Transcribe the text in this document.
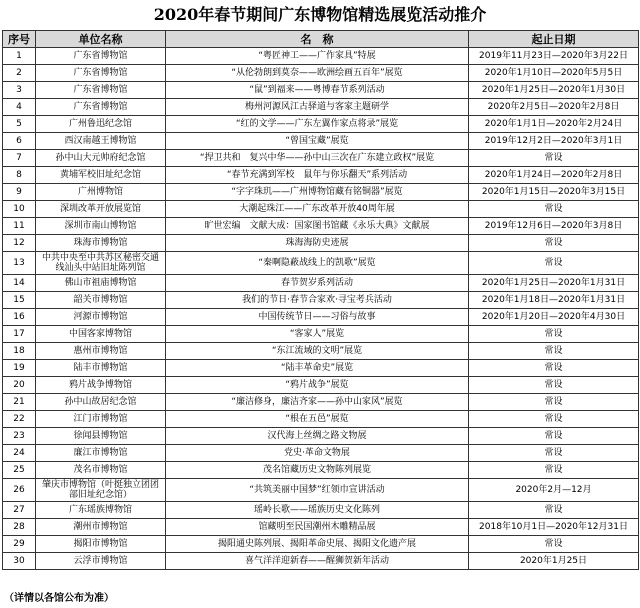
2020年春节期间广东博物馆精选展览活动推介
序号	单位名称	名　称	起止日期
1	广东省博物馆	“粤匠神工——广作家具”特展	2019年11月23日—2020年3月22日
2	广东省博物馆	“从伦勃朗到莫奈——欧洲绘画五百年”展览	2020年1月10日—2020年5月5日
3	广东省博物馆	“鼠”到福来——粤博春节系列活动	2020年1月25日—2020年1月30日
4	广东省博物馆	梅州河源风江古驿道与客家主题研学	2020年2月5日—2020年2月8日
5	广州鲁迅纪念馆	“红的文学——广东左翼作家点将录”展览	2020年1月1日—2020年2月24日
6	西汉南越王博物馆	“曾国宝藏”展览	2019年12月2日—2020年3月1日
7	孙中山大元帅府纪念馆	“捍卫共和　复兴中华——孙中山三次在广东建立政权”展览	常设
8	黄埔军校旧址纪念馆	“春节充满到军校　鼠年与你乐翻天”系列活动	2020年1月24日—2020年2月8日
9	广州博物馆	“字字珠玑——广州博物馆藏有铭铜器”展览	2020年1月15日—2020年3月15日
10	深圳改革开放展览馆	大潮起珠江——广东改革开放40周年展	常设
11	深圳市南山博物馆	旷世宏编　文献大成：国家图书馆藏《永乐大典》文献展	2019年12月6日—2020年3月8日
12	珠海市博物馆	珠海海防史迹展	常设
13	中共中央至中共苏区秘密交通线汕头中站旧址陈列馆	“秦啊隐蔽战线上的凯歌”展览	常设
14	佛山市祖庙博物馆	春节贺岁系列活动	2020年1月25日—2020年1月31日
15	韶关市博物馆	我们的节日·春节合家欢·寻宝考兵活动	2020年1月18日—2020年1月31日
16	河源市博物馆	中国传统节日——习俗与故事	2020年1月20日—2020年4月30日
17	中国客家博物馆	“客家人”展览	常设
18	惠州市博物馆	“东江流域的文明”展览	常设
19	陆丰市博物馆	“陆丰革命史”展览	常设
20	鸦片战争博物馆	“鸦片战争”展览	常设
21	孙中山故居纪念馆	“廉洁修身，廉洁齐家——孙中山家风”展览	常设
22	江门市博物馆	“根在五邑”展览	常设
23	徐闻县博物馆	汉代海上丝绸之路文物展	常设
24	廉江市博物馆	党史·革命文物展	常设
25	茂名市博物馆	茂名馆藏历史文物陈列展览	常设
26	肇庆市博物馆（叶挺独立团团部旧址纪念馆）	“共筑美丽中国梦”红领巾宣讲活动	2020年2月—12月
27	广东瑶族博物馆	瑶岭长歌——瑶族历史文化陈列	常设
28	潮州市博物馆	馆藏明至民国潮州木雕精品展	2018年10月1日—2020年12月31日
29	揭阳市博物馆	揭阳通史陈列展、揭阳革命史展、揭阳文化遗产展	常设
30	云浮市博物馆	喜气洋洋迎新春——醒狮贺新年活动	2020年1月25日
（详情以各馆公布为准）
